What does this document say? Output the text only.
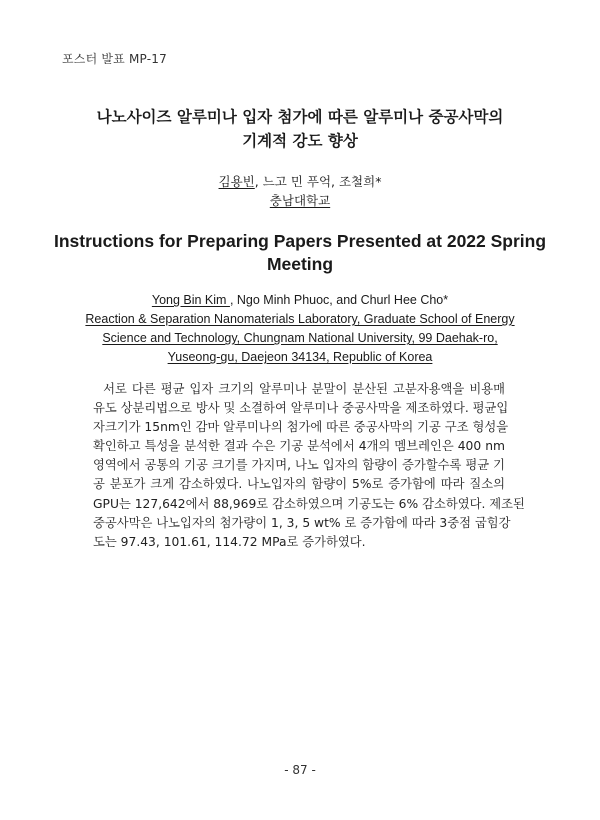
포스터 발표 MP-17
나노사이즈 알루미나 입자 첨가에 따른 알루미나 중공사막의
기계적 강도 향상
김용빈, 느고 민 푸억, 조철희*
충남대학교
Instructions for Preparing Papers Presented at 2022 Spring Meeting
Yong Bin Kim , Ngo Minh Phuoc, and Churl Hee Cho*
Reaction & Separation Nanomaterials Laboratory, Graduate School of Energy
Science and Technology, Chungnam National University, 99 Daehak-ro,
Yuseong-gu, Daejeon 34134, Republic of Korea
서로 다른 평균 입자 크기의 알루미나 분말이 분산된 고분자용액을 비용매
유도 상분리법으로 방사 및 소결하여 알루미나 중공사막을 제조하였다. 평균입
자크기가 15nm인 감마 알루미나의 첨가에 따른 중공사막의 기공 구조 형성을
확인하고 특성을 분석한 결과 수은 기공 분석에서 4개의 멤브레인은 400 nm
영역에서 공통의 기공 크기를 가지며, 나노 입자의 함량이 증가할수록 평균 기
공 분포가 크게 감소하였다. 나노입자의 함량이 5%로 증가함에 따라 질소의
GPU는 127,642에서 88,969로 감소하였으며 기공도는 6% 감소하였다. 제조된
중공사막은 나노입자의 첨가량이 1, 3, 5 wt% 로 증가함에 따라 3중점 굽힘강
도는 97.43, 101.61, 114.72 MPa로 증가하였다.
- 87 -
